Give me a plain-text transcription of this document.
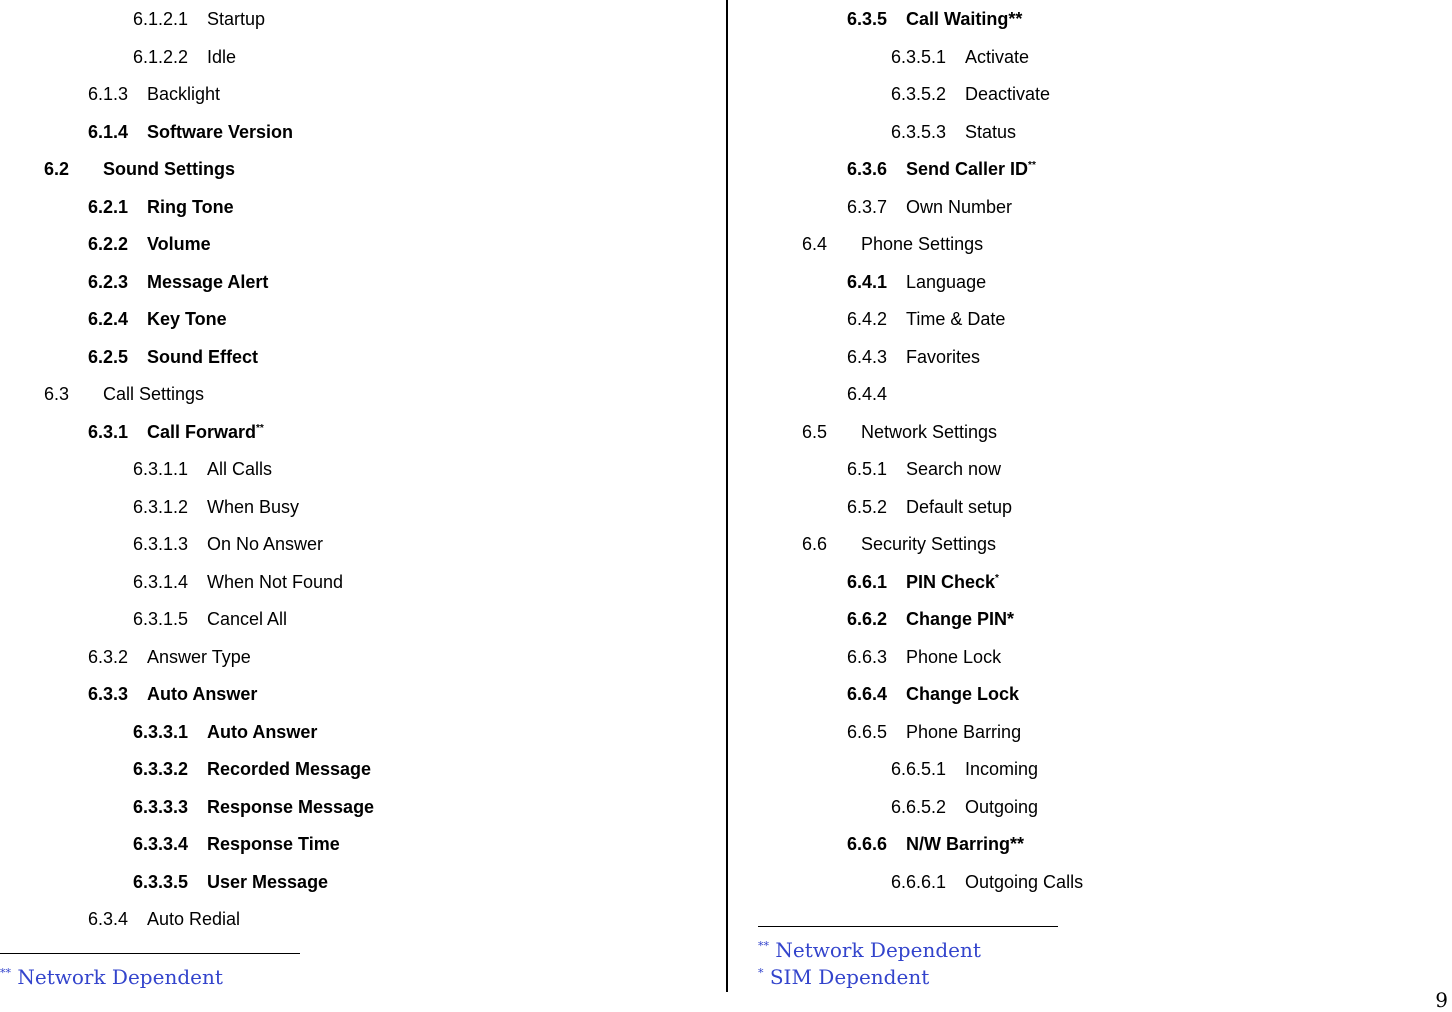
6.1.2.1 Startup
6.1.2.2 Idle
6.1.3 Backlight
6.1.4 Software Version
6.2 Sound Settings
6.2.1 Ring Tone
6.2.2 Volume
6.2.3 Message Alert
6.2.4 Key Tone
6.2.5 Sound Effect
6.3 Call Settings
6.3.1 Call Forward**
6.3.1.1 All Calls
6.3.1.2 When Busy
6.3.1.3 On No Answer
6.3.1.4 When Not Found
6.3.1.5 Cancel All
6.3.2 Answer Type
6.3.3 Auto Answer
6.3.3.1 Auto Answer
6.3.3.2 Recorded Message
6.3.3.3 Response Message
6.3.3.4 Response Time
6.3.3.5 User Message
6.3.4 Auto Redial
6.3.5 Call Waiting**
6.3.5.1 Activate
6.3.5.2 Deactivate
6.3.5.3 Status
6.3.6 Send Caller ID**
6.3.7 Own Number
6.4 Phone Settings
6.4.1 Language
6.4.2 Time & Date
6.4.3 Favorites
6.4.4
6.5 Network Settings
6.5.1 Search now
6.5.2 Default setup
6.6 Security Settings
6.6.1 PIN Check*
6.6.2 Change PIN*
6.6.3 Phone Lock
6.6.4 Change Lock
6.6.5 Phone Barring
6.6.5.1 Incoming
6.6.5.2 Outgoing
6.6.6 N/W Barring**
6.6.6.1 Outgoing Calls
** Network Dependent
** Network Dependent
* SIM Dependent
9
